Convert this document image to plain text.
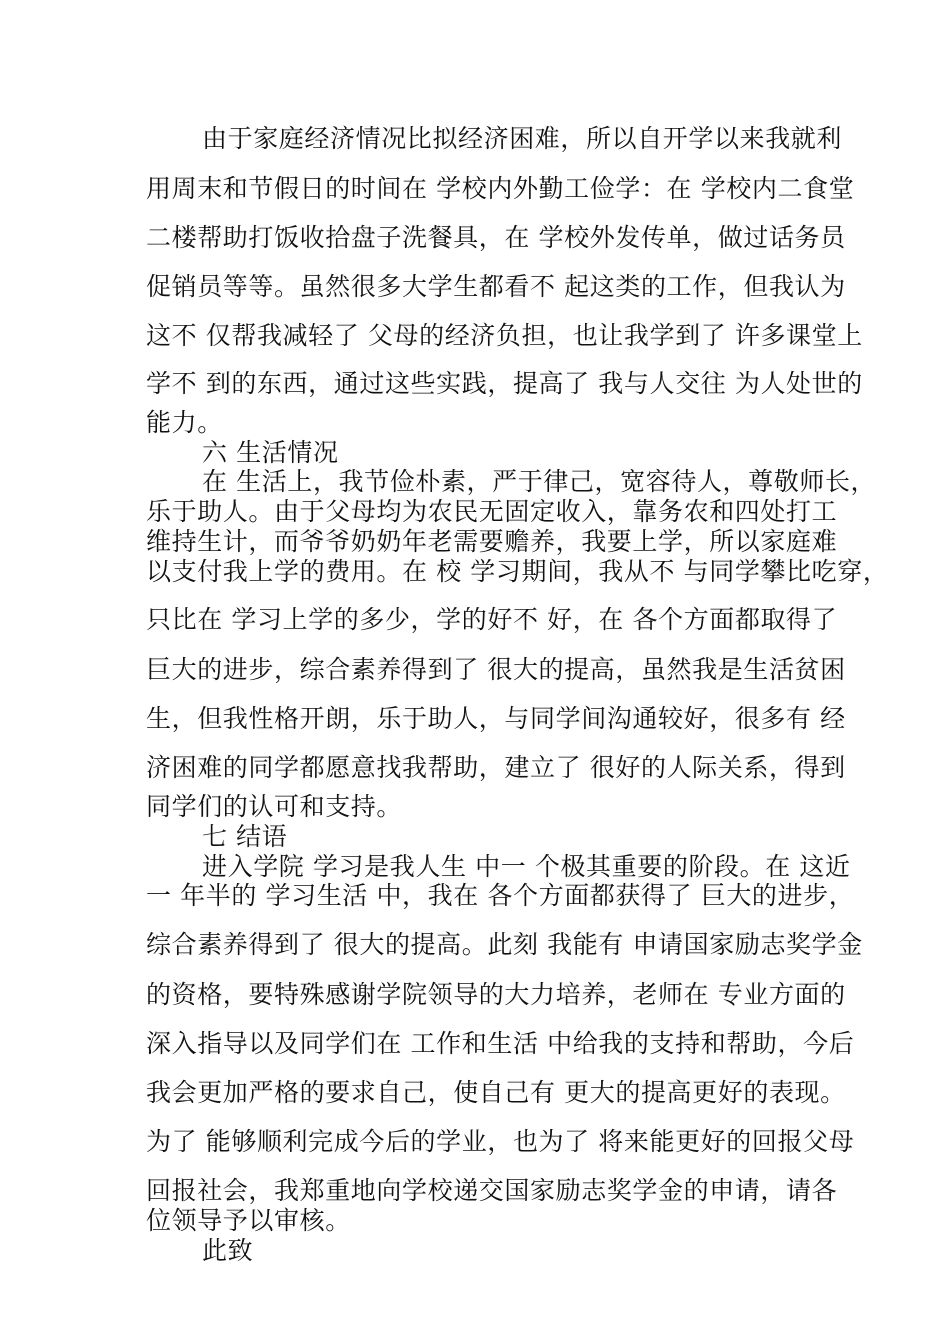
由于家庭经济情况比拟经济困难，所以自开学以来我就利
用周末和节假日的时间在 学校内外勤工俭学：在 学校内二食堂
二楼帮助打饭收拾盘子洗餐具，在 学校外发传单，做过话务员
促销员等等。虽然很多大学生都看不 起这类的工作，但我认为
这不 仅帮我减轻了 父母的经济负担，也让我学到了 许多课堂上
学不 到的东西，通过这些实践，提高了 我与人交往 为人处世的
能力。
六 生活情况
在 生活上，我节俭朴素，严于律己，宽容待人，尊敬师长，
乐于助人。由于父母均为农民无固定收入，靠务农和四处打工
维持生计，而爷爷奶奶年老需要赡养，我要上学，所以家庭难
以支付我上学的费用。在 校 学习期间，我从不 与同学攀比吃穿，
只比在 学习上学的多少，学的好不 好，在 各个方面都取得了
巨大的进步，综合素养得到了 很大的提高，虽然我是生活贫困
生，但我性格开朗，乐于助人，与同学间沟通较好，很多有 经
济困难的同学都愿意找我帮助，建立了 很好的人际关系，得到
同学们的认可和支持。
七 结语
进入学院 学习是我人生 中一 个极其重要的阶段。在 这近
一 年半的 学习生活 中，我在 各个方面都获得了 巨大的进步，
综合素养得到了 很大的提高。此刻 我能有 申请国家励志奖学金
的资格，要特殊感谢学院领导的大力培养，老师在 专业方面的
深入指导以及同学们在 工作和生活 中给我的支持和帮助，今后
我会更加严格的要求自己，使自己有 更大的提高更好的表现。
为了 能够顺利完成今后的学业，也为了 将来能更好的回报父母
回报社会，我郑重地向学校递交国家励志奖学金的申请，请各
位领导予以审核。
此致
